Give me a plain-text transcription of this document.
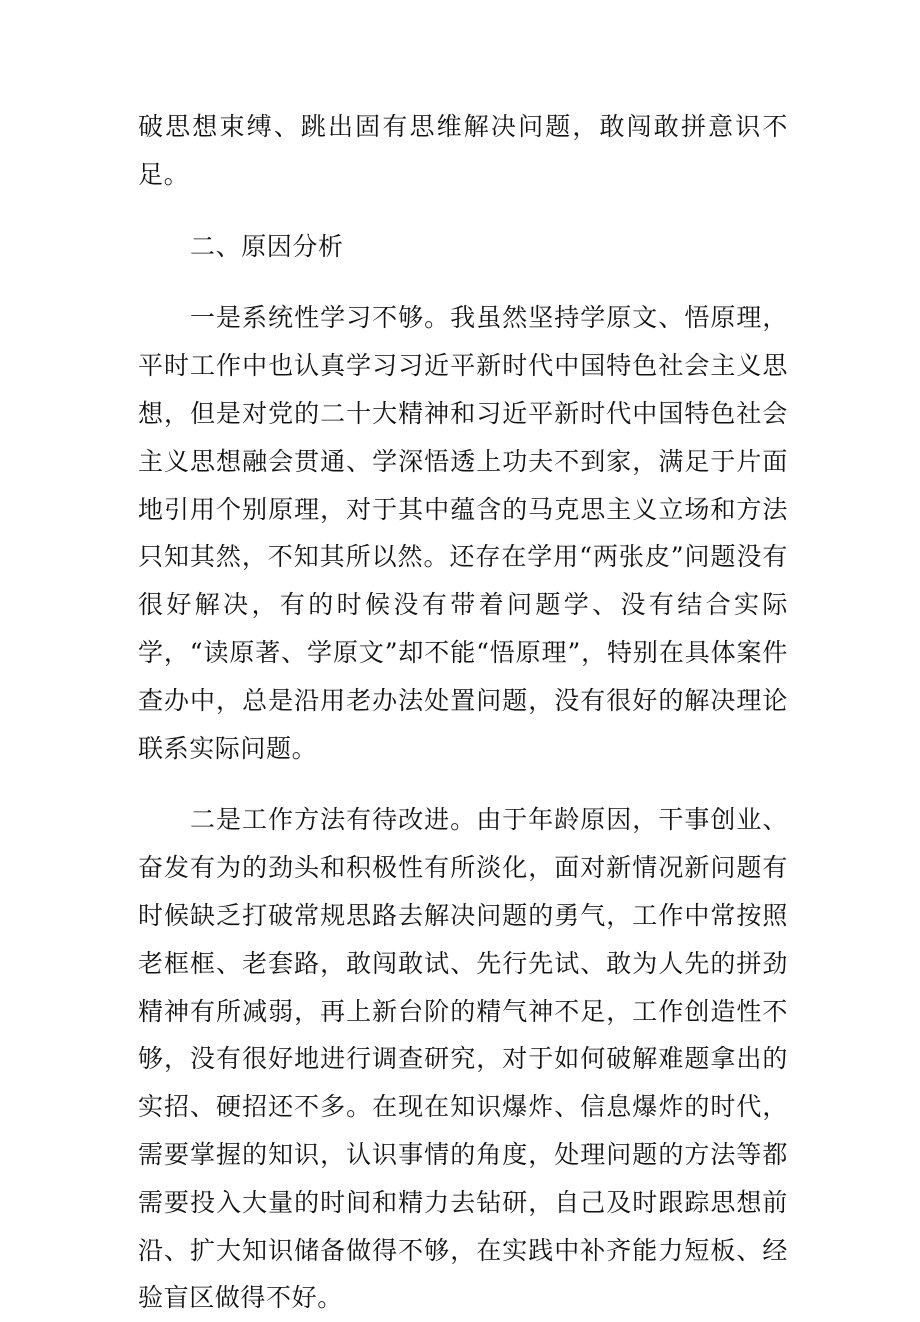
破思想束缚、跳出固有思维解决问题，敢闯敢拼意识不足。

二、原因分析

一是系统性学习不够。我虽然坚持学原文、悟原理，平时工作中也认真学习习近平新时代中国特色社会主义思想，但是对党的二十大精神和习近平新时代中国特色社会主义思想融会贯通、学深悟透上功夫不到家，满足于片面地引用个别原理，对于其中蕴含的马克思主义立场和方法只知其然，不知其所以然。还存在学用“两张皮”问题没有很好解决，有的时候没有带着问题学、没有结合实际学，“读原著、学原文”却不能“悟原理”，特别在具体案件查办中，总是沿用老办法处置问题，没有很好的解决理论联系实际问题。

二是工作方法有待改进。由于年龄原因，干事创业、奋发有为的劲头和积极性有所淡化，面对新情况新问题有时候缺乏打破常规思路去解决问题的勇气，工作中常按照老框框、老套路，敢闯敢试、先行先试、敢为人先的拼劲精神有所减弱，再上新台阶的精气神不足，工作创造性不够，没有很好地进行调查研究，对于如何破解难题拿出的实招、硬招还不多。在现在知识爆炸、信息爆炸的时代，需要掌握的知识，认识事情的角度，处理问题的方法等都需要投入大量的时间和精力去钻研，自己及时跟踪思想前沿、扩大知识储备做得不够，在实践中补齐能力短板、经验盲区做得不好。
